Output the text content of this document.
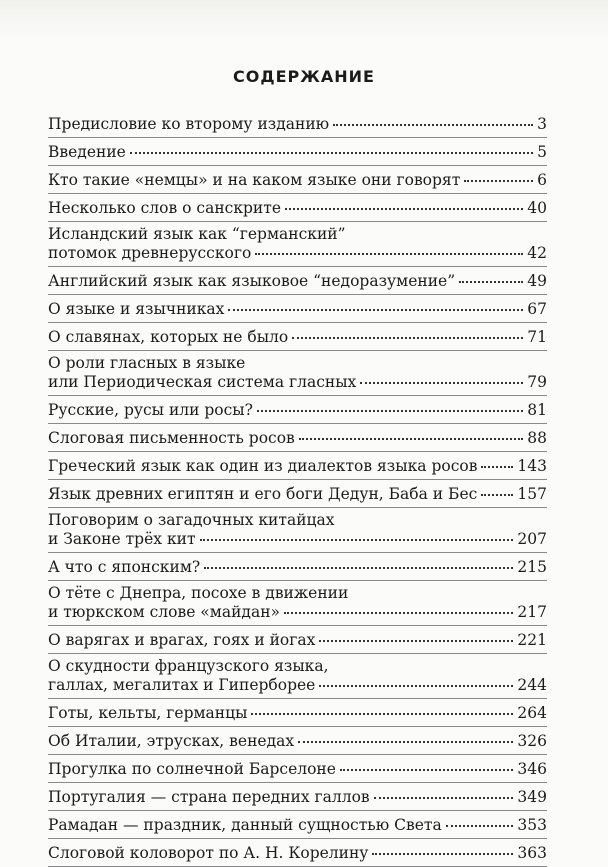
СОДЕРЖАНИЕ
Предисловие ко второму изданию	3
Введение	5
Кто такие «немцы» и на каком языке они говорят	6
Несколько слов о санскрите	40
Исландский язык как “германский”
потомок древнерусского	42
Английский язык как языковое “недоразумение”	49
О языке и язычниках	67
О славянах, которых не было	71
О роли гласных в языке
или Периодическая система гласных	79
Русские, русы или росы?	81
Слоговая письменность росов	88
Греческий язык как один из диалектов языка росов	143
Язык древних египтян и его боги Дедун, Баба и Бес	157
Поговорим о загадочных китайцах
и Законе трёх кит	207
А что с японским?	215
О тёте с Днепра, посохе в движении
и тюркском слове «майдан»	217
О варягах и врагах, гоях и йогах	221
О скудности французского языка,
галлах, мегалитах и Гиперборее	244
Готы, кельты, германцы	264
Об Италии, этрусках, венедах	326
Прогулка по солнечной Барселоне	346
Португалия — страна передних галлов	349
Рамадан — праздник, данный сущностью Света	353
Слоговой коловорот по А. Н. Корелину	363
